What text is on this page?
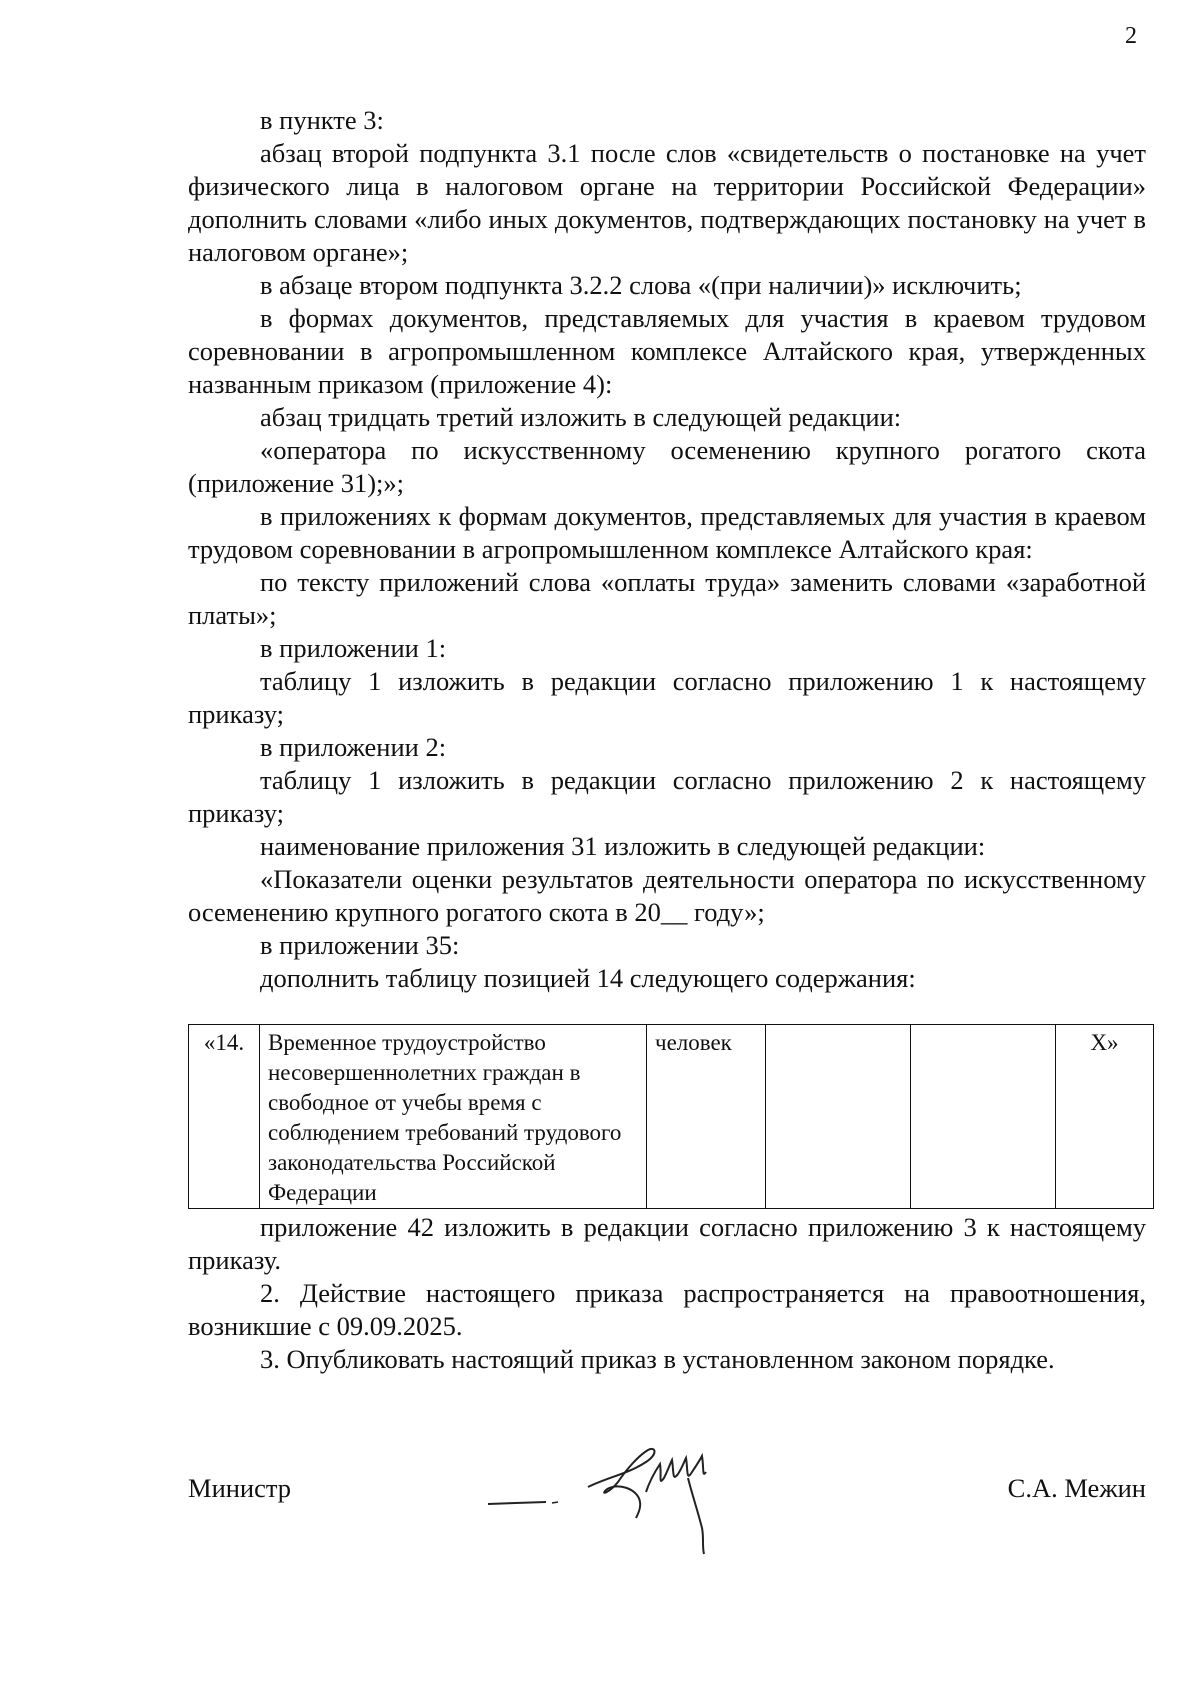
2

в пункте 3:

абзац второй подпункта 3.1 после слов «свидетельств о постановке на учет физического лица в налоговом органе на территории Российской Федерации» дополнить словами «либо иных документов, подтверждающих постановку на учет в налоговом органе»;

в абзаце втором подпункта 3.2.2 слова «(при наличии)» исключить;

в формах документов, представляемых для участия в краевом трудовом соревновании в агропромышленном комплексе Алтайского края, утвержденных названным приказом (приложение 4):

абзац тридцать третий изложить в следующей редакции:

«оператора по искусственному осеменению крупного рогатого скота (приложение 31);»;

в приложениях к формам документов, представляемых для участия в краевом трудовом соревновании в агропромышленном комплексе Алтайского края:

по тексту приложений слова «оплаты труда» заменить словами «заработной платы»;

в приложении 1:

таблицу 1 изложить в редакции согласно приложению 1 к настоящему приказу;

в приложении 2:

таблицу 1 изложить в редакции согласно приложению 2 к настоящему приказу;

наименование приложения 31 изложить в следующей редакции:

«Показатели оценки результатов деятельности оператора по искусственному осеменению крупного рогатого скота в 20__ году»;

в приложении 35:

дополнить таблицу позицией 14 следующего содержания:

«14.	Временное трудоустройство несовершеннолетних граждан в свободное от учебы время с соблюдением требований трудового законодательства Российской Федерации	человек			Х»

приложение 42 изложить в редакции согласно приложению 3 к настоящему приказу.

2. Действие настоящего приказа распространяется на правоотношения, возникшие с 09.09.2025.

3. Опубликовать настоящий приказ в установленном законом порядке.

Министр	С.А. Межин
